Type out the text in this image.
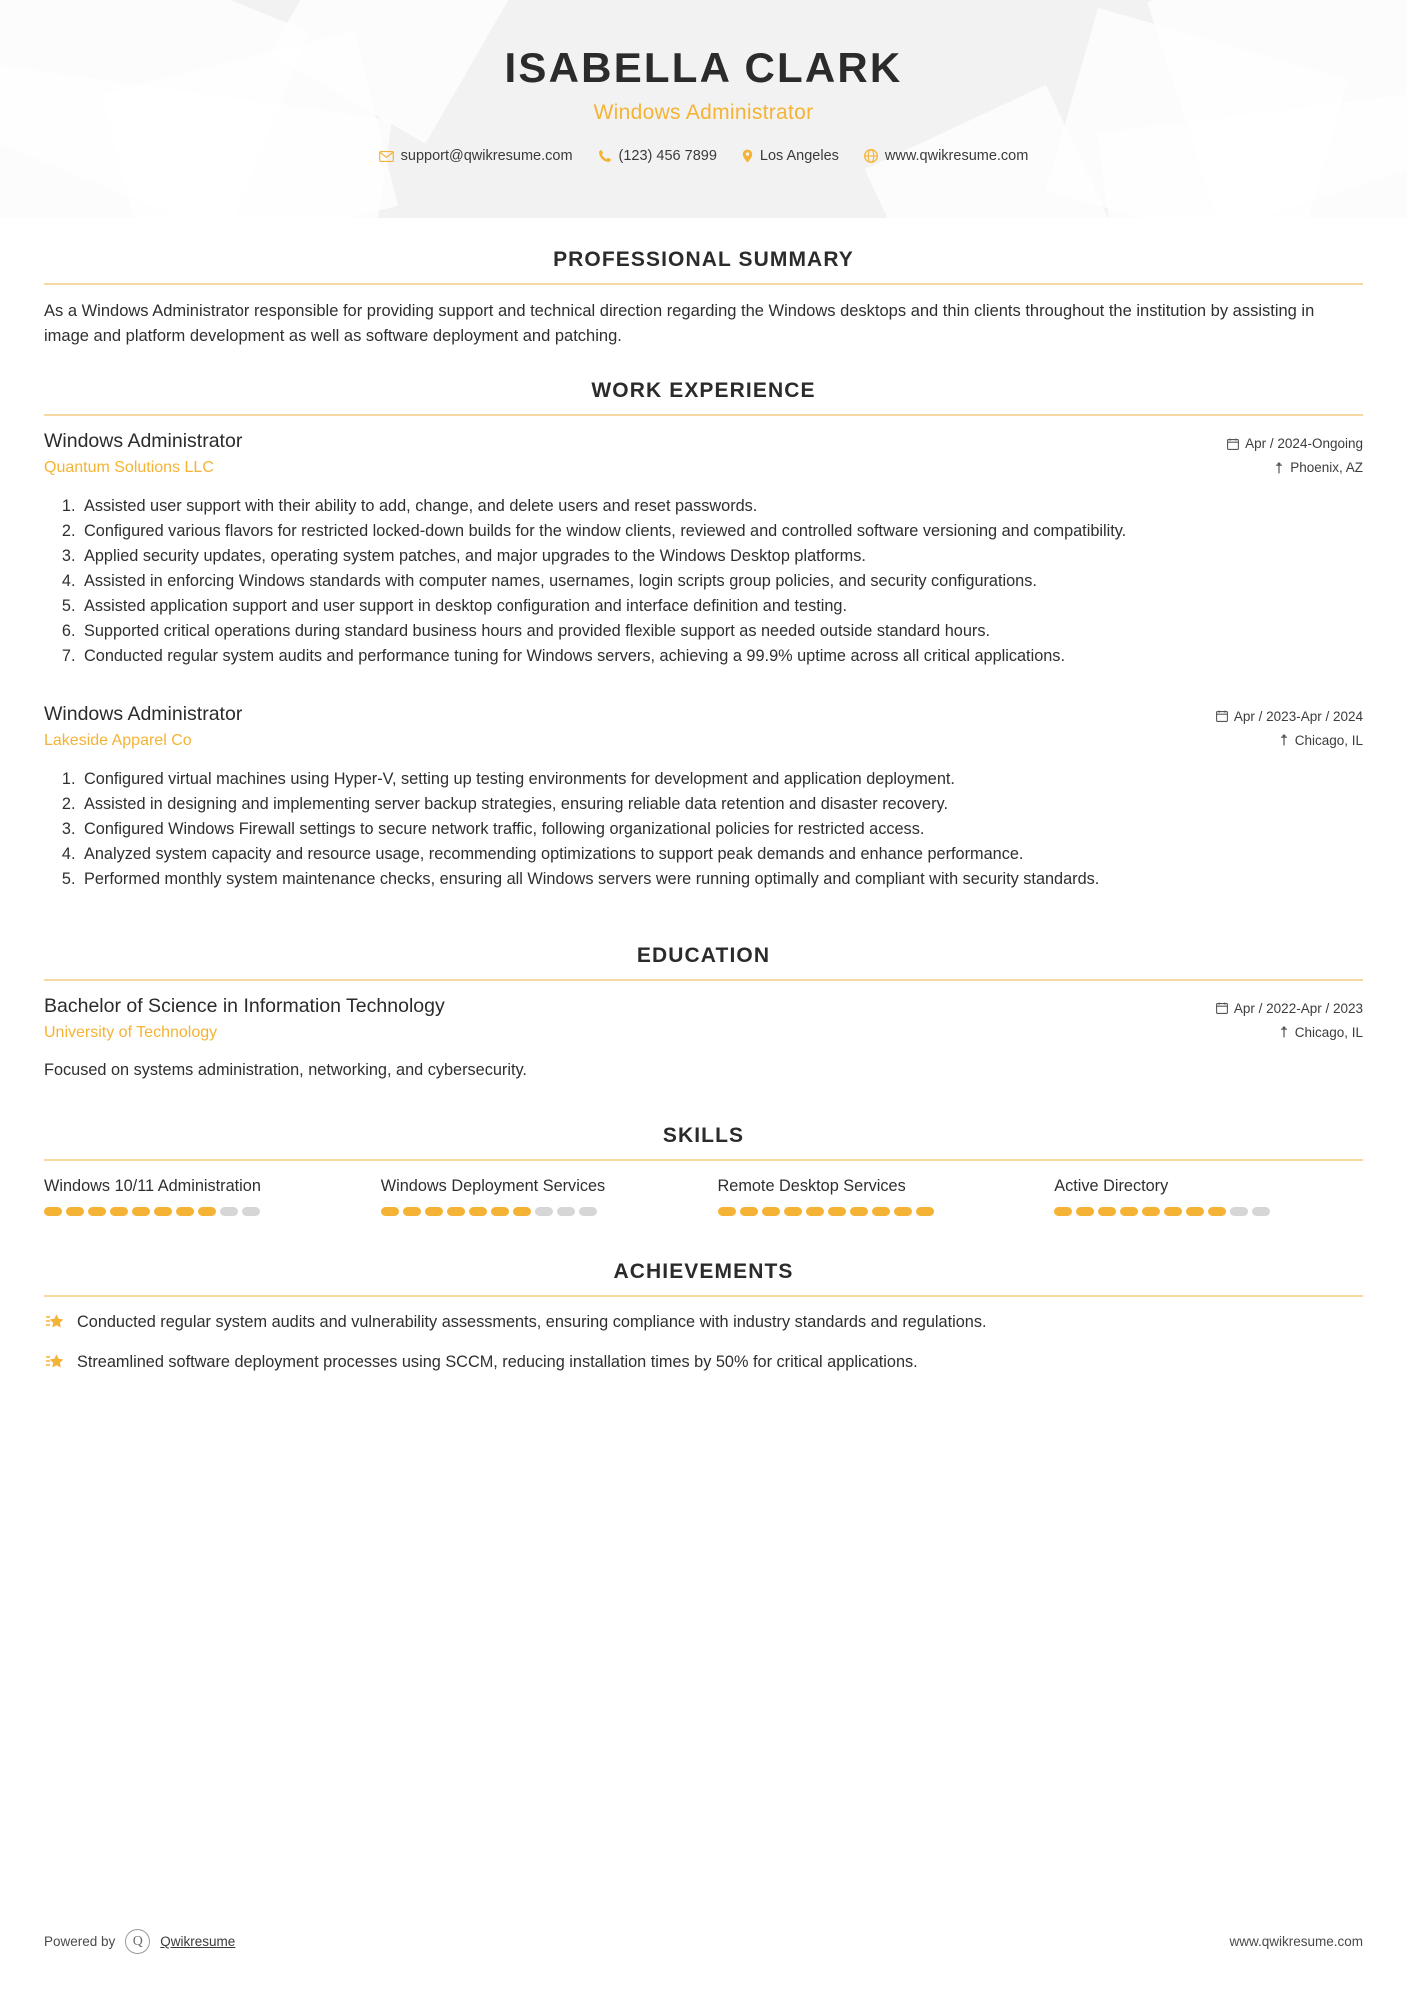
ISABELLA CLARK
Windows Administrator
support@qwikresume.com	(123) 456 7899	Los Angeles	www.qwikresume.com
PROFESSIONAL SUMMARY
As a Windows Administrator responsible for providing support and technical direction regarding the Windows desktops and thin clients throughout the institution by assisting in image and platform development as well as software deployment and patching.
WORK EXPERIENCE
Windows Administrator
Quantum Solutions LLC
Apr / 2024-Ongoing
Phoenix, AZ
1. Assisted user support with their ability to add, change, and delete users and reset passwords.
2. Configured various flavors for restricted locked-down builds for the window clients, reviewed and controlled software versioning and compatibility.
3. Applied security updates, operating system patches, and major upgrades to the Windows Desktop platforms.
4. Assisted in enforcing Windows standards with computer names, usernames, login scripts group policies, and security configurations.
5. Assisted application support and user support in desktop configuration and interface definition and testing.
6. Supported critical operations during standard business hours and provided flexible support as needed outside standard hours.
7. Conducted regular system audits and performance tuning for Windows servers, achieving a 99.9% uptime across all critical applications.
Windows Administrator
Lakeside Apparel Co
Apr / 2023-Apr / 2024
Chicago, IL
1. Configured virtual machines using Hyper-V, setting up testing environments for development and application deployment.
2. Assisted in designing and implementing server backup strategies, ensuring reliable data retention and disaster recovery.
3. Configured Windows Firewall settings to secure network traffic, following organizational policies for restricted access.
4. Analyzed system capacity and resource usage, recommending optimizations to support peak demands and enhance performance.
5. Performed monthly system maintenance checks, ensuring all Windows servers were running optimally and compliant with security standards.
EDUCATION
Bachelor of Science in Information Technology
University of Technology
Apr / 2022-Apr / 2023
Chicago, IL
Focused on systems administration, networking, and cybersecurity.
SKILLS
Windows 10/11 Administration	Windows Deployment Services	Remote Desktop Services	Active Directory
ACHIEVEMENTS
Conducted regular system audits and vulnerability assessments, ensuring compliance with industry standards and regulations.
Streamlined software deployment processes using SCCM, reducing installation times by 50% for critical applications.
Powered by	Q	Qwikresume	www.qwikresume.com
